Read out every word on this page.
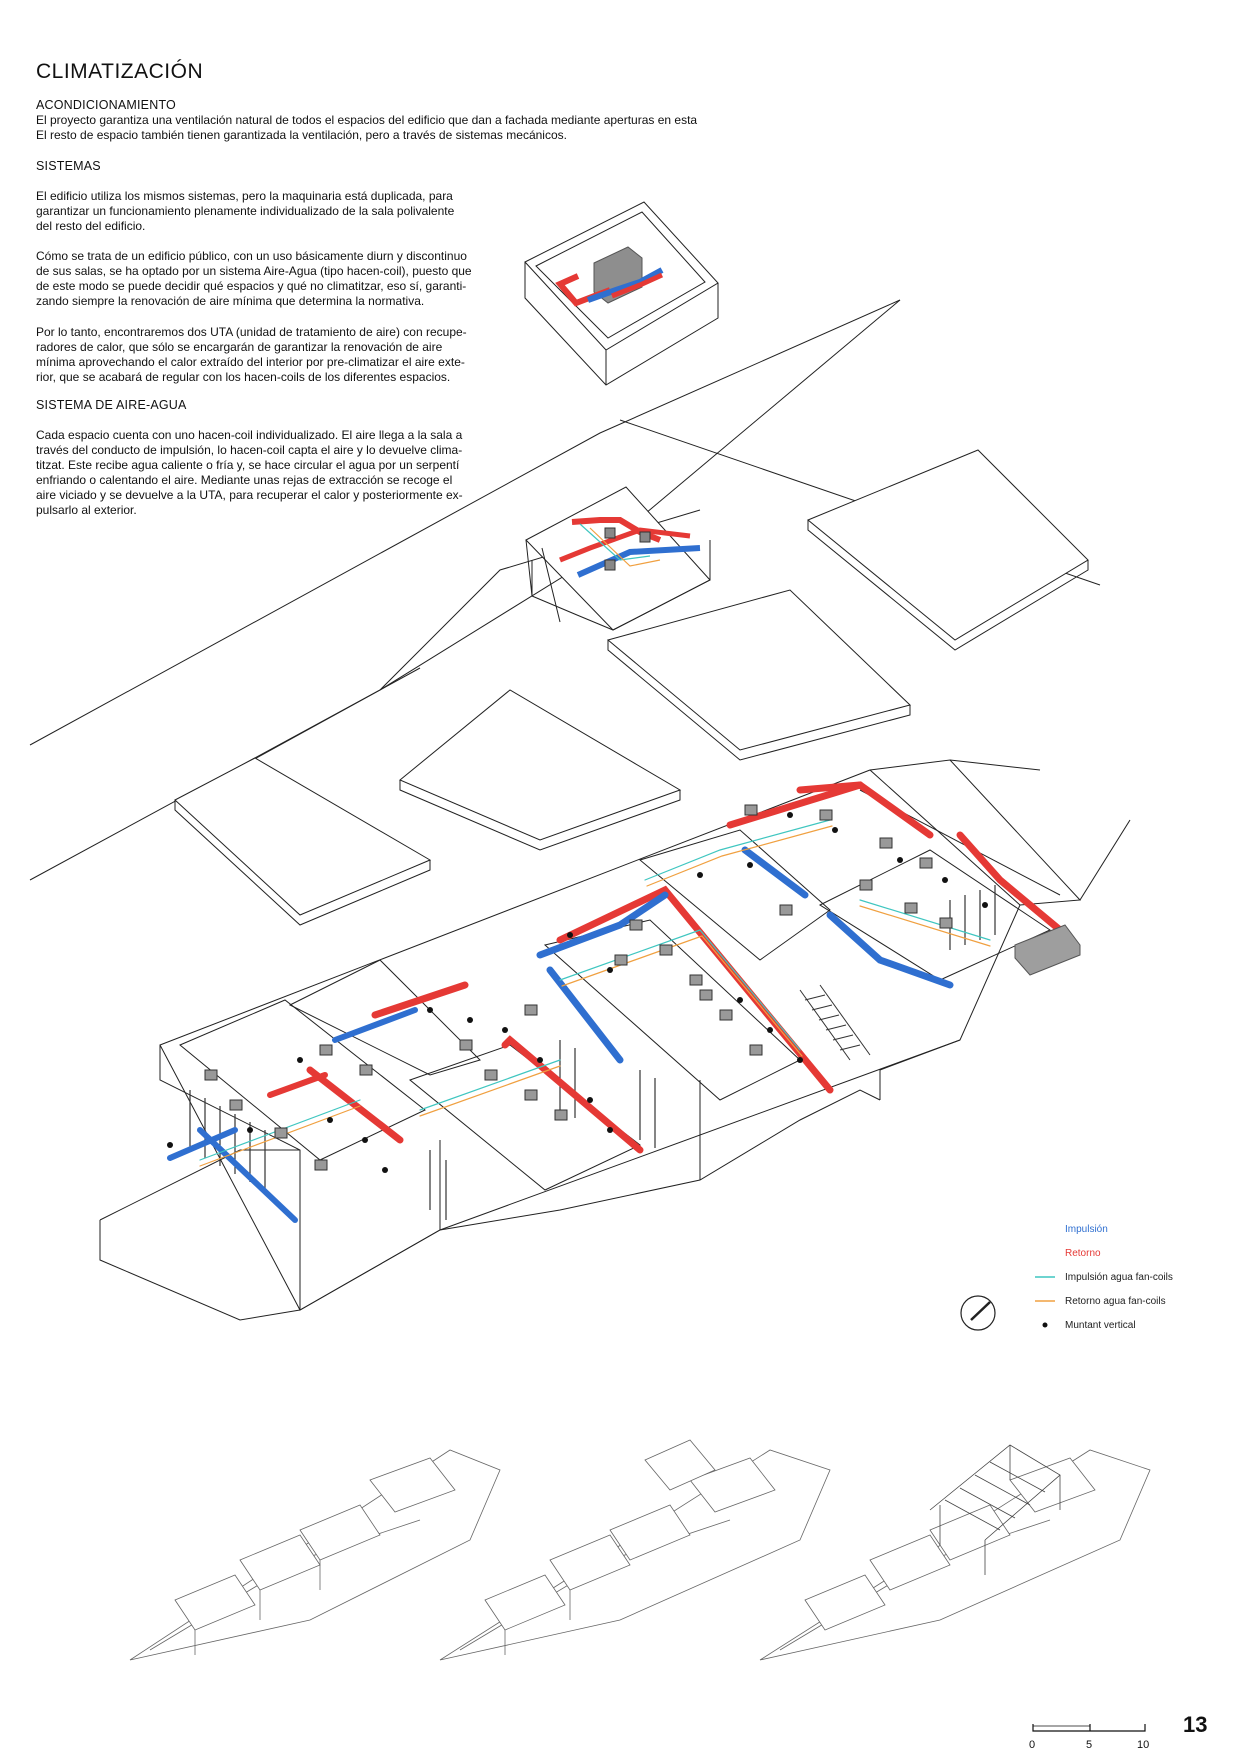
CLIMATIZACIÓN
ACONDICIONAMIENTO

El proyecto garantiza una ventilación natural de todos el espacios del edificio que dan a fachada mediante aperturas en esta

El resto de espacio también tienen garantizada la ventilación, pero a través de sistemas mecánicos.

SISTEMAS

El edificio utiliza los mismos sistemas, pero la maquinaria está duplicada, para

garantizar un funcionamiento plenamente individualizado de la sala polivalente

del resto del edificio.

Cómo se trata de un edificio público, con un uso básicamente diurn y discontinuo

de sus salas, se ha optado por un sistema Aire-Agua (tipo hacen-coil), puesto que

de este modo se puede decidir qué espacios y qué no climatitzar, eso sí, garanti-

zando siempre la renovación de aire mínima que determina la normativa.

Por lo tanto, encontraremos dos UTA (unidad de tratamiento de aire) con recupe-

radores de calor, que sólo se encargarán de garantizar la renovación de aire

mínima aprovechando el calor extraído del interior por pre-climatizar el aire exte-

rior, que se acabará de regular con los hacen-coils de los diferentes espacios.

SISTEMA DE AIRE-AGUA

Cada espacio cuenta con uno hacen-coil individualizado. El aire llega a la sala a

través del conducto de impulsión, lo hacen-coil capta el aire y lo devuelve clima-

titzat. Este recibe agua caliente o fría y, se hace circular el agua por un serpentí

enfriando o calentando el aire. Mediante unas rejas de extracción se recoge el

aire viciado y se devuelve a la UTA, para recuperar el calor y posteriormente ex-

pulsarlo al exterior.

Impulsión
Retorno
Impulsión agua fan-coils
Retorno agua fan-coils
Muntant vertical
0	5	10
13
